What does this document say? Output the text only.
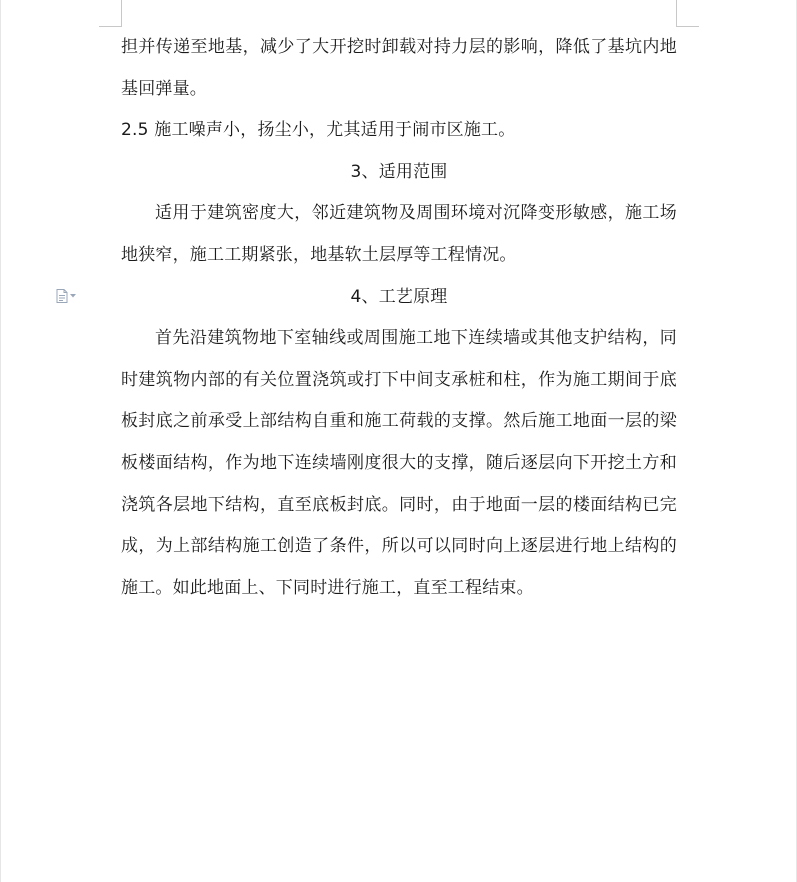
担并传递至地基，减少了大开挖时卸载对持力层的影响，降低了基坑内地基回弹量。

2.5 施工噪声小，扬尘小，尤其适用于闹市区施工。

3、适用范围

适用于建筑密度大，邻近建筑物及周围环境对沉降变形敏感，施工场地狭窄，施工工期紧张，地基软土层厚等工程情况。

4、工艺原理

首先沿建筑物地下室轴线或周围施工地下连续墙或其他支护结构，同时建筑物内部的有关位置浇筑或打下中间支承桩和柱，作为施工期间于底板封底之前承受上部结构自重和施工荷载的支撑。然后施工地面一层的梁板楼面结构，作为地下连续墙刚度很大的支撑，随后逐层向下开挖土方和浇筑各层地下结构，直至底板封底。同时，由于地面一层的楼面结构已完成，为上部结构施工创造了条件，所以可以同时向上逐层进行地上结构的施工。如此地面上、下同时进行施工，直至工程结束。
